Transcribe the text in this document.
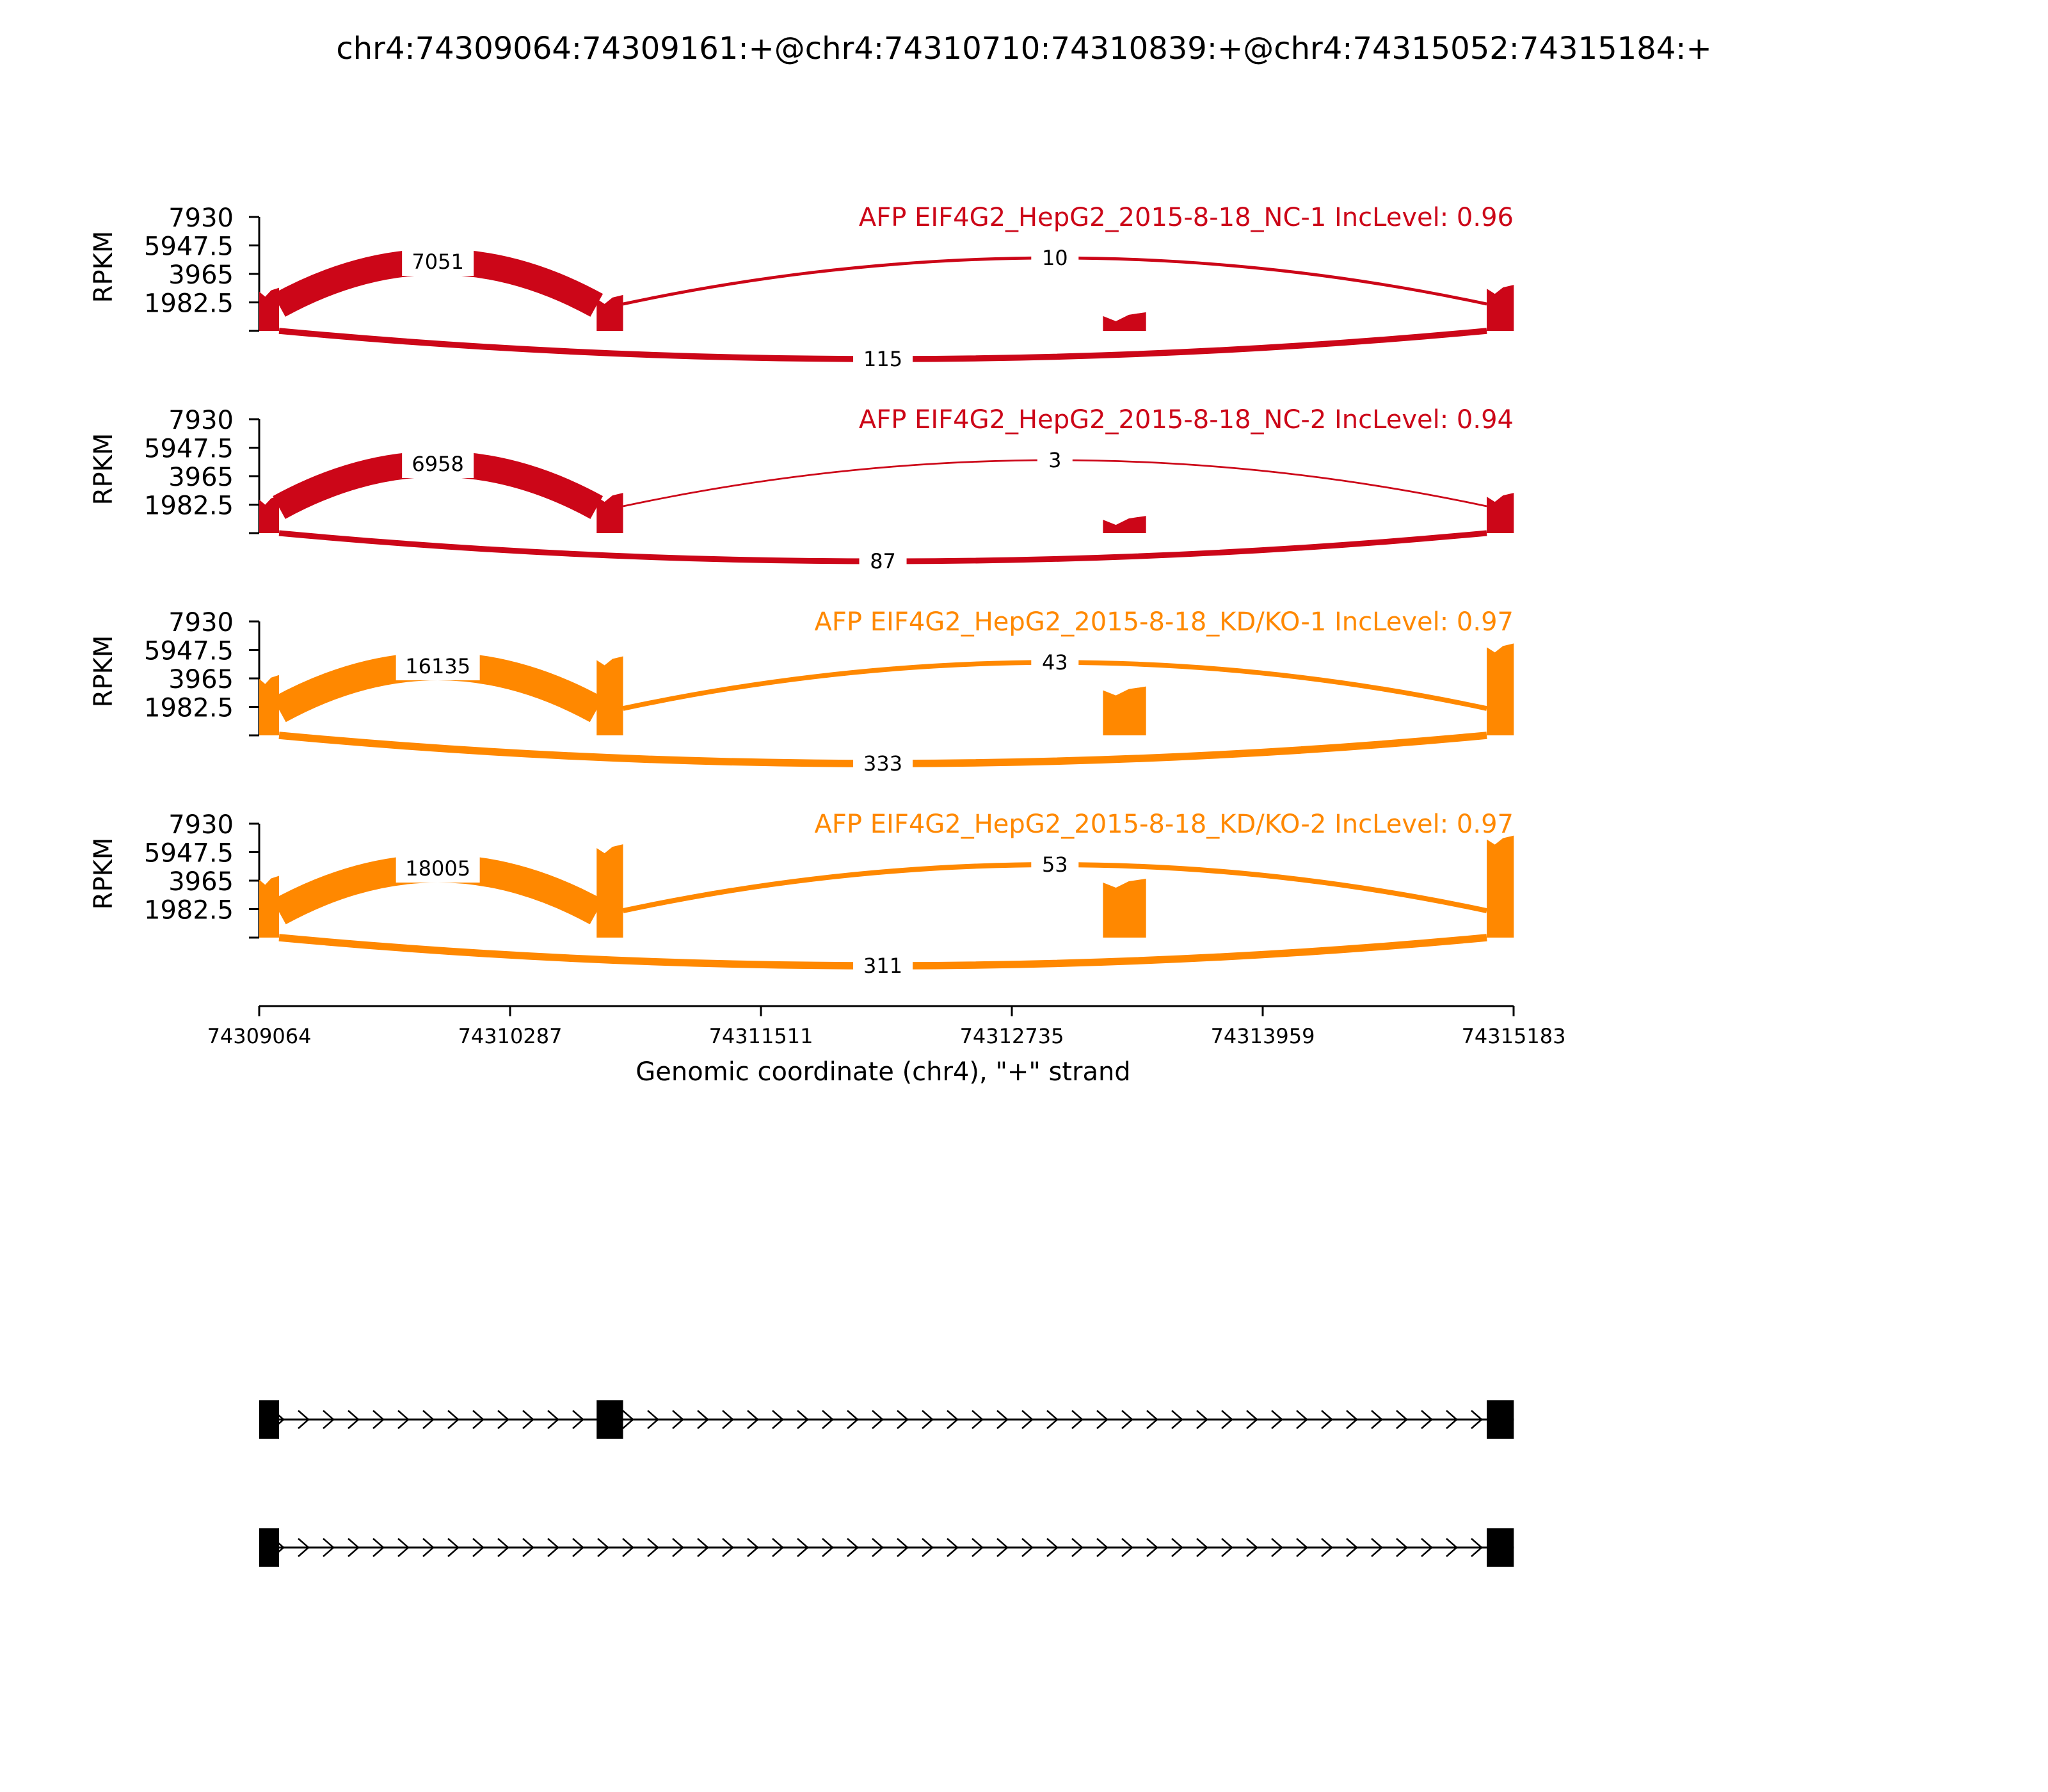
chr4:74309064:74309161:+@chr4:74310710:74310839:+@chr4:74315052:74315184:+
7930
5947.5
3965
1982.5
RPKM
AFP EIF4G2_HepG2_2015-8-18_NC-1 IncLevel: 0.96
7051	10
115
7930
5947.5
3965
1982.5
RPKM
AFP EIF4G2_HepG2_2015-8-18_NC-2 IncLevel: 0.94
6958	3
87
7930
5947.5
3965
1982.5
RPKM
AFP EIF4G2_HepG2_2015-8-18_KD/KO-1 IncLevel: 0.97
16135	43
333
7930
5947.5
3965
1982.5
RPKM
AFP EIF4G2_HepG2_2015-8-18_KD/KO-2 IncLevel: 0.97
18005	53
311
74309064	74310287	74311511	74312735	74313959	74315183
Genomic coordinate (chr4), "+" strand
